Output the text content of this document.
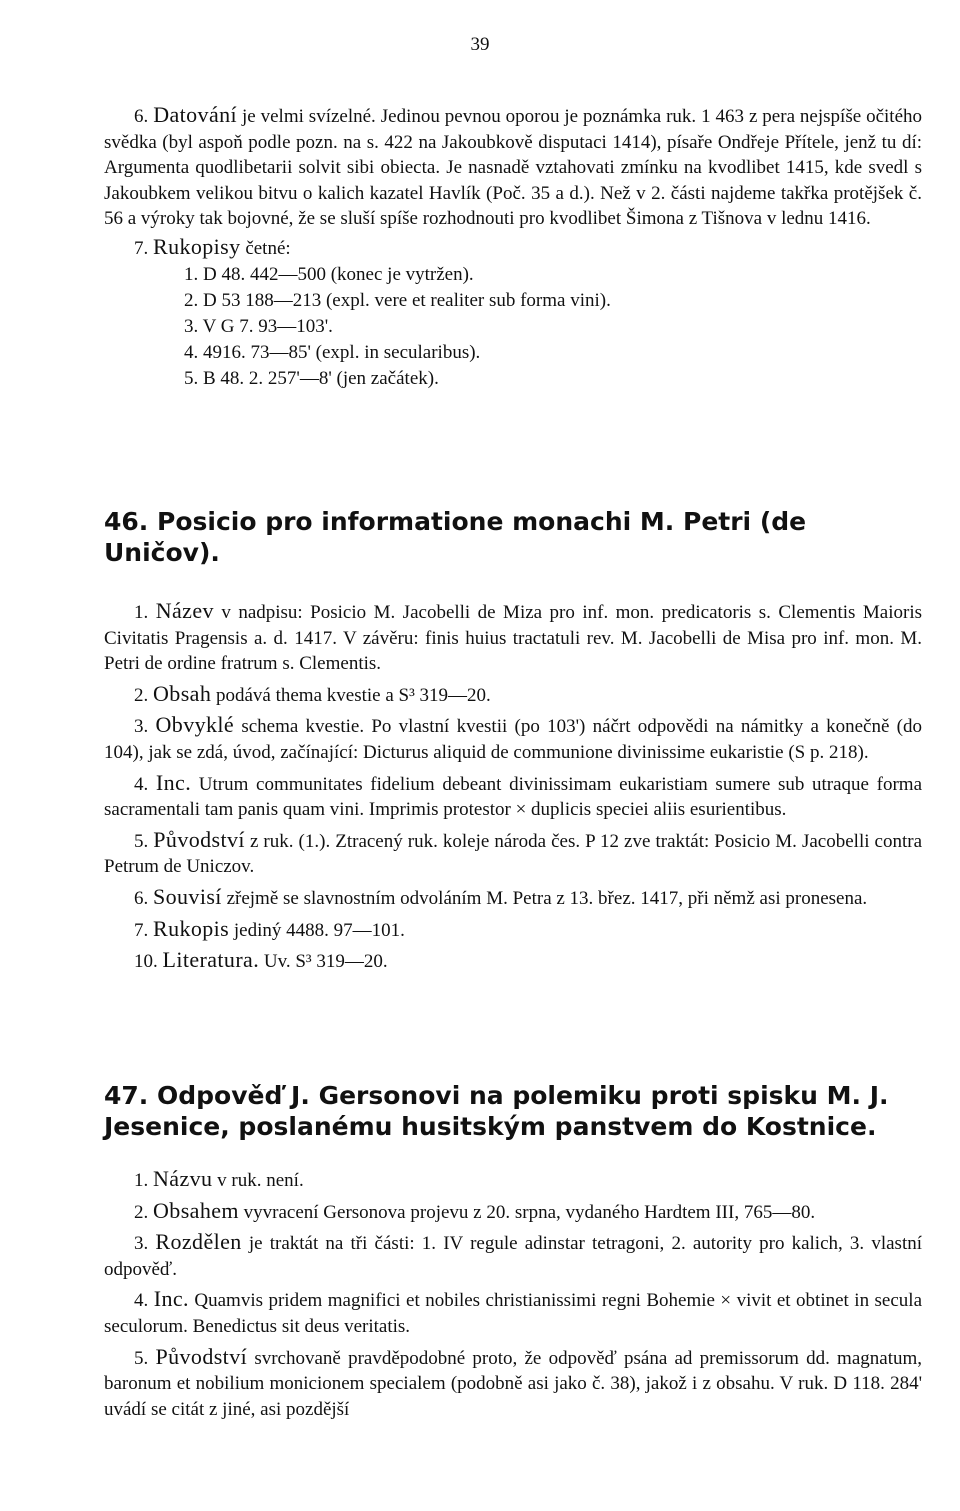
39

6. Datování je velmi svízelné. Jedinou pevnou oporou je poznámka ruk. 1 463 z pera nejspíše očitého svědka (byl aspoň podle pozn. na s. 422 na Jakoubkově disputaci 1414), písaře Ondřeje Přítele, jenž tu dí: Argumenta quodlibetarii solvit sibi obiecta. Je nasnadě vztahovati zmínku na kvodlibet 1415, kde svedl s Jakoubkem velikou bitvu o kalich kazatel Havlík (Poč. 35 a d.). Než v 2. části najdeme takřka protějšek č. 56 a výroky tak bojovné, že se sluší spíše rozhodnouti pro kvodlibet Šimona z Tišnova v lednu 1416.

7. Rukopisy četné:

1. D 48. 442—500 (konec je vytržen).
2. D 53 188—213 (expl. vere et realiter sub forma vini).
3. V G 7. 93—103'.
4. 4916. 73—85' (expl. in secularibus).
5. B 48. 2. 257'—8' (jen začátek).
46. Posicio pro informatione monachi M. Petri (de Uničov).

1. Název v nadpisu: Posicio M. Jacobelli de Miza pro inf. mon. predicatoris s. Clementis Maioris Civitatis Pragensis a. d. 1417. V závěru: finis huius tractatuli rev. M. Jacobelli de Misa pro inf. mon. M. Petri de ordine fratrum s. Clementis.

2. Obsah podává thema kvestie a S³ 319—20.

3. Obvyklé schema kvestie. Po vlastní kvestii (po 103') náčrt odpovědi na námitky a konečně (do 104), jak se zdá, úvod, začínající: Dicturus aliquid de communione divinissime eukaristie (S p. 218).

4. Inc. Utrum communitates fidelium debeant divinissimam eukaristiam sumere sub utraque forma sacramentali tam panis quam vini. Imprimis protestor × duplicis speciei aliis esurientibus.

5. Původství z ruk. (1.). Ztracený ruk. koleje národa čes. P 12 zve traktát: Posicio M. Jacobelli contra Petrum de Uniczov.

6. Souvisí zřejmě se slavnostním odvoláním M. Petra z 13. břez. 1417, při němž asi pronesena.

7. Rukopis jediný 4488. 97—101.

10. Literatura. Uv. S³ 319—20.

47. Odpověď J. Gersonovi na polemiku proti spisku M. J. Jesenice, poslanému husitským panstvem do Kostnice.

1. Názvu v ruk. není.

2. Obsahem vyvracení Gersonova projevu z 20. srpna, vydaného Hardtem III, 765—80.

3. Rozdělen je traktát na tři části: 1. IV regule adinstar tetragoni, 2. autority pro kalich, 3. vlastní odpověď.

4. Inc. Quamvis pridem magnifici et nobiles christianissimi regni Bohemie × vivit et obtinet in secula seculorum. Benedictus sit deus veritatis.

5. Původství svrchovaně pravděpodobné proto, že odpověď psána ad premissorum dd. magnatum, baronum et nobilium monicionem specialem (podobně asi jako č. 38), jakož i z obsahu. V ruk. D 118. 284' uvádí se citát z jiné, asi pozdější
